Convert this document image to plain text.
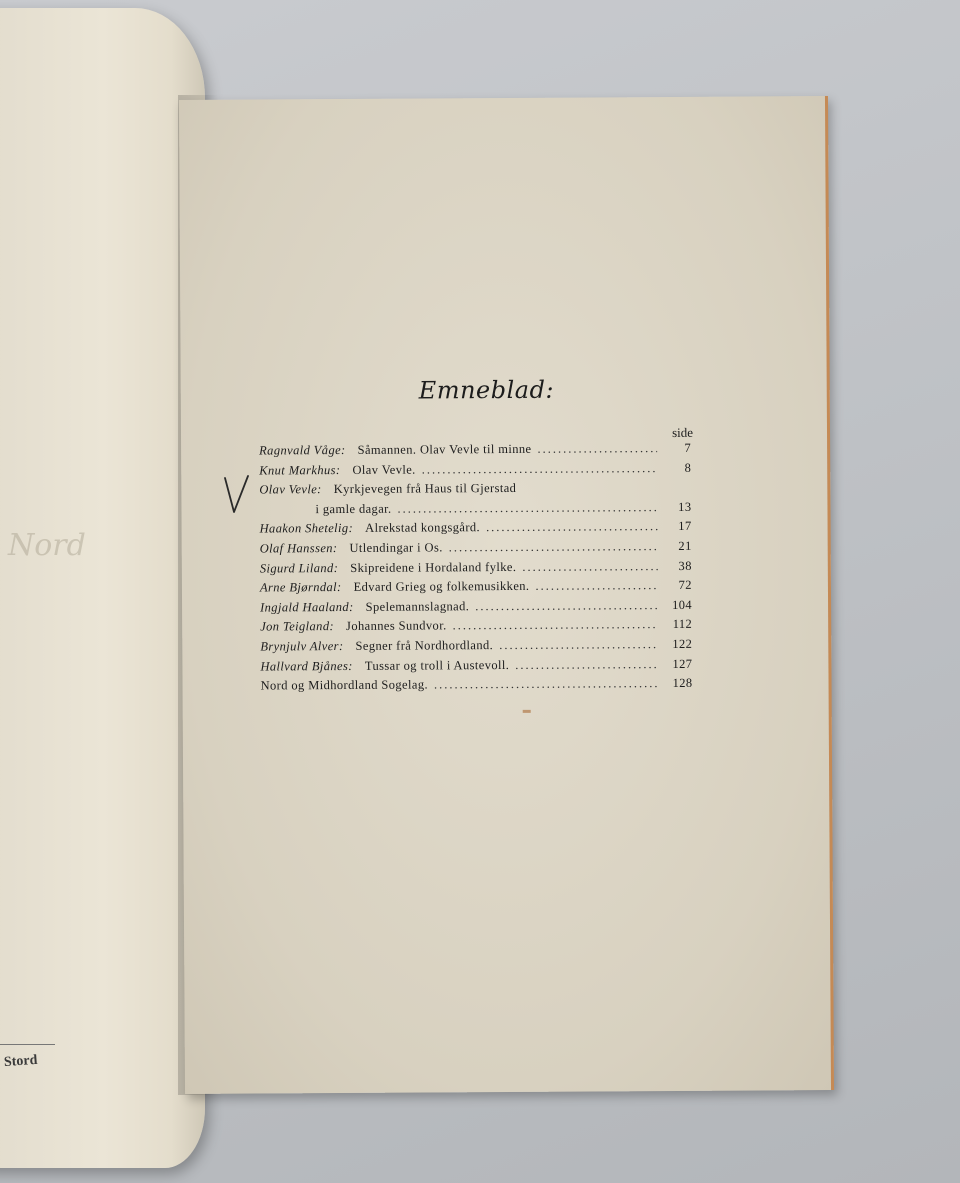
Nord
Stord
Emneblad:
side
Ragnvald Våge: Såmannen. Olav Vevle til minne .....	7
Knut Markhus: Olav Vevle. .....	8
Olav Vevle: Kyrkjevegen frå Haus til Gjerstad
i gamle dagar. .....	13
Haakon Shetelig: Alrekstad kongsgård. .....	17
Olaf Hanssen: Utlendingar i Os. .....	21
Sigurd Liland: Skipreidene i Hordaland fylke. .....	38
Arne Bjørndal: Edvard Grieg og folkemusikken. .....	72
Ingjald Haaland: Spelemannslagnad. .....	104
Jon Teigland: Johannes Sundvor. .....	112
Brynjulv Alver: Segner frå Nordhordland. .....	122
Hallvard Bjånes: Tussar og troll i Austevoll. .....	127
Nord og Midhordland Sogelag. .....	128
